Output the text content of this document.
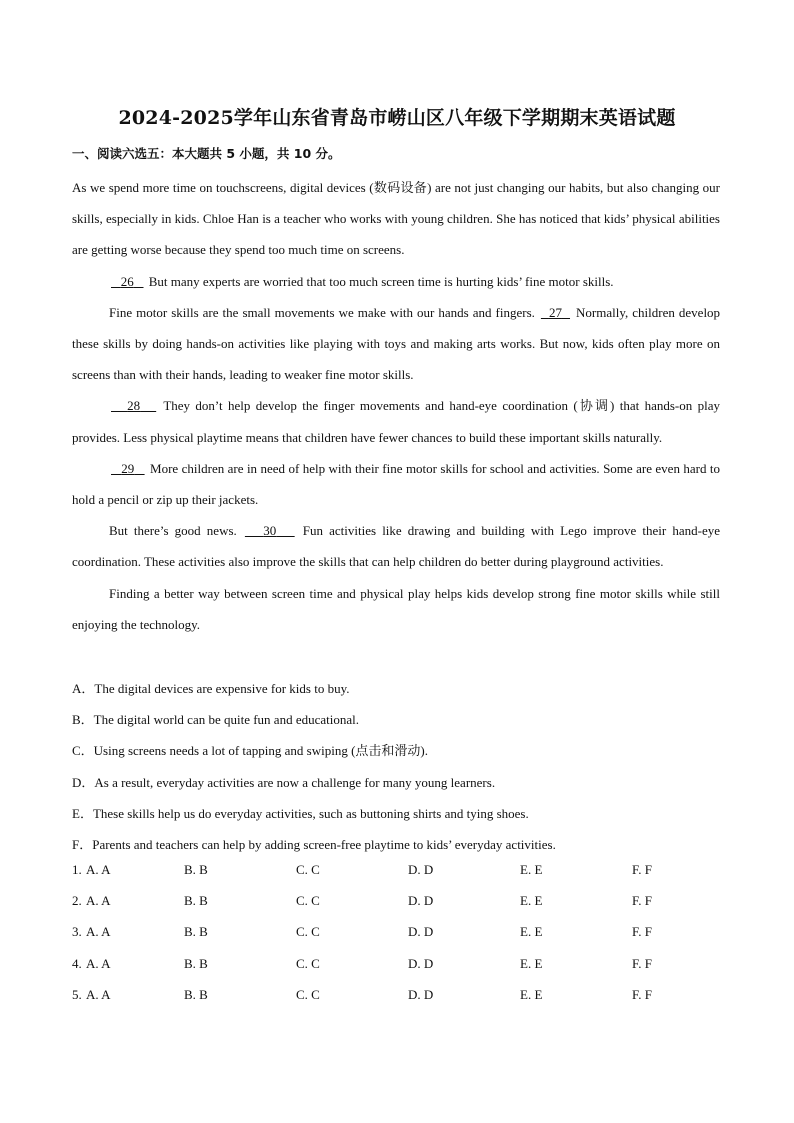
2024-2025学年山东省青岛市崂山区八年级下学期期末英语试题
一、阅读六选五：本大题共 5 小题，共 10 分。

As we spend more time on touchscreens, digital devices (数码设备) are not just changing our habits, but also changing our skills, especially in kids. Chloe Han is a teacher who works with young children. She has noticed that kids’ physical abilities are getting worse because they spend too much time on screens.

26 But many experts are worried that too much screen time is hurting kids’ fine motor skills.

Fine motor skills are the small movements we make with our hands and fingers. 27 Normally, children develop these skills by doing hands-on activities like playing with toys and making arts works. But now, kids often play more on screens than with their hands, leading to weaker fine motor skills.

28 They don’t help develop the finger movements and hand-eye coordination (协调) that hands-on play provides. Less physical playtime means that children have fewer chances to build these important skills naturally.

29 More children are in need of help with their fine motor skills for school and activities. Some are even hard to hold a pencil or zip up their jackets.

But there’s good news. 30 Fun activities like drawing and building with Lego improve their hand-eye coordination. These activities also improve the skills that can help children do better during playground activities.

Finding a better way between screen time and physical play helps kids develop strong fine motor skills while still enjoying the technology.

A．The digital devices are expensive for kids to buy.
B．The digital world can be quite fun and educational.
C．Using screens needs a lot of tapping and swiping (点击和滑动).
D．As a result, everyday activities are now a challenge for many young learners.
E．These skills help us do everyday activities, such as buttoning shirts and tying shoes.
F．Parents and teachers can help by adding screen-free playtime to kids’ everyday activities.
1. A. A	B. B	C. C	D. D	E. E	F. F
2. A. A	B. B	C. C	D. D	E. E	F. F
3. A. A	B. B	C. C	D. D	E. E	F. F
4. A. A	B. B	C. C	D. D	E. E	F. F
5. A. A	B. B	C. C	D. D	E. E	F. F
